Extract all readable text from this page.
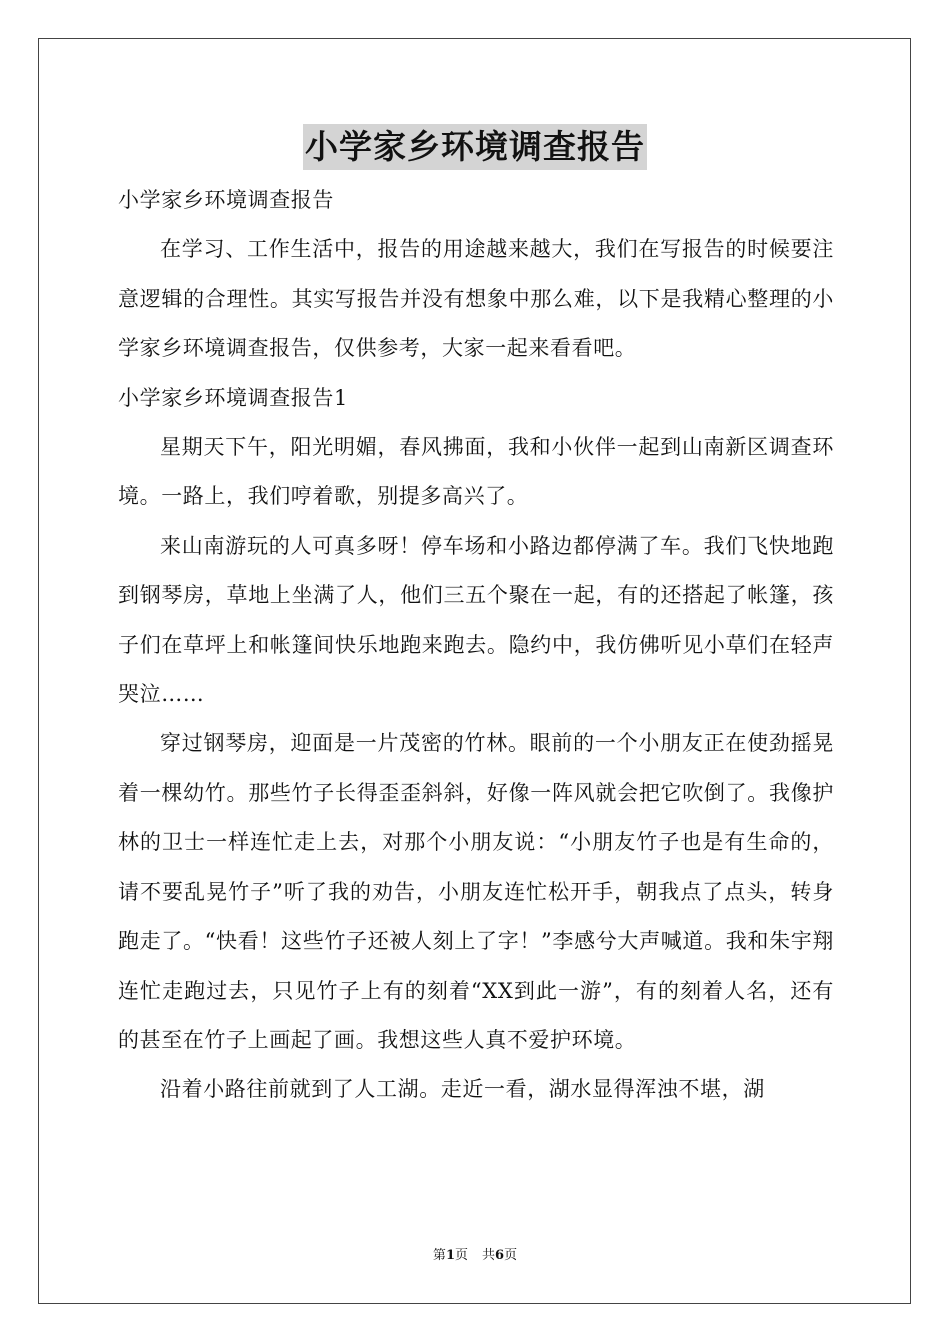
小学家乡环境调查报告

小学家乡环境调查报告

在学习、工作生活中，报告的用途越来越大，我们在写报告的时候要注意逻辑的合理性。其实写报告并没有想象中那么难，以下是我精心整理的小学家乡环境调查报告，仅供参考，大家一起来看看吧。

小学家乡环境调查报告1

星期天下午，阳光明媚，春风拂面，我和小伙伴一起到山南新区调查环境。一路上，我们哼着歌，别提多高兴了。

来山南游玩的人可真多呀！停车场和小路边都停满了车。我们飞快地跑到钢琴房，草地上坐满了人，他们三五个聚在一起，有的还搭起了帐篷，孩子们在草坪上和帐篷间快乐地跑来跑去。隐约中，我仿佛听见小草们在轻声哭泣……

穿过钢琴房，迎面是一片茂密的竹林。眼前的一个小朋友正在使劲摇晃着一棵幼竹。那些竹子长得歪歪斜斜，好像一阵风就会把它吹倒了。我像护林的卫士一样连忙走上去，对那个小朋友说：“小朋友竹子也是有生命的，请不要乱晃竹子”听了我的劝告，小朋友连忙松开手，朝我点了点头，转身跑走了。“快看！这些竹子还被人刻上了字！”李感兮大声喊道。我和朱宇翔连忙走跑过去，只见竹子上有的刻着“XX到此一游”，有的刻着人名，还有的甚至在竹子上画起了画。我想这些人真不爱护环境。

沿着小路往前就到了人工湖。走近一看，湖水显得浑浊不堪，湖

第1页 共6页
